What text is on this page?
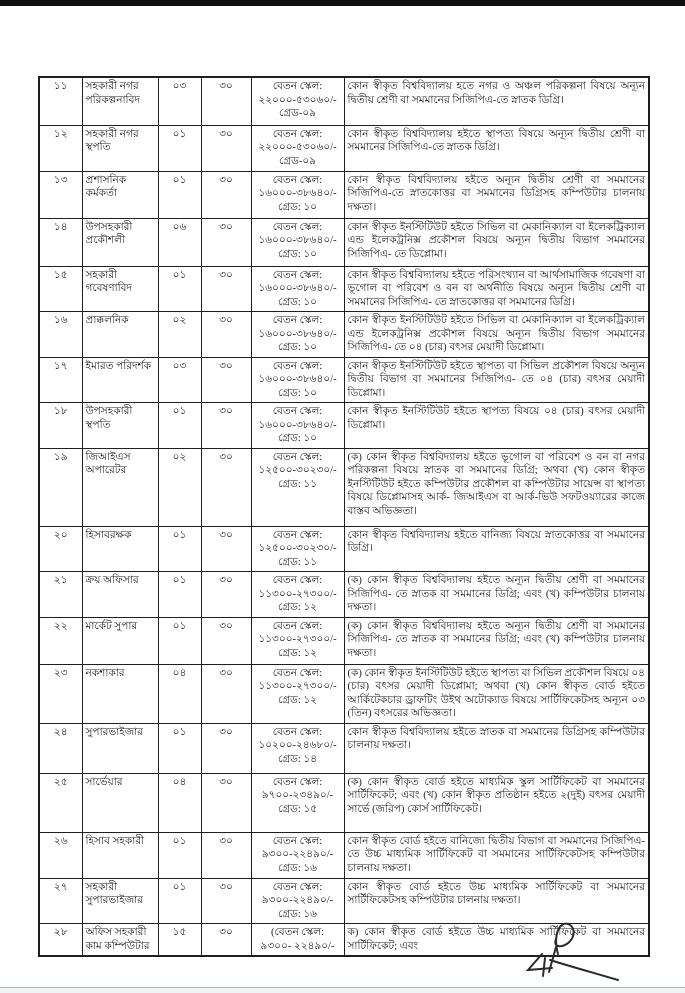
১১	সহকারী নগর পরিকল্পনাবিদ	০৩	৩০	বেতন স্কেল:
২২০০০-৫৩০৬০/-
গ্রেড-০৯	কোন স্বীকৃত বিশ্ববিদ্যালয় হতে নগর ও অঞ্চল পরিকল্পনা বিষয়ে অন্যূন দ্বিতীয় শ্রেণী বা সমমানের সিজিপিএ-তে স্নাতক ডিগ্রি।
১২	সহকারী নগর স্থপতি	০১	৩০	বেতন স্কেল:
২২০০০-৫৩০৬০/-
গ্রেড-০৯	কোন স্বীকৃত বিশ্ববিদ্যালয় হইতে স্থাপত্য বিষয়ে অন্যূন দ্বিতীয় শ্রেণী বা সমমানের সিজিপিএ-তে স্নাতক ডিগ্রি।
১৩	প্রশাসনিক কর্মকর্তা	০১	৩০	বেতন স্কেল:
১৬০০০-৩৮৬৪০/-
গ্রেড: ১০	কোন স্বীকৃত বিশ্ববিদ্যালয় হইতে অন্যূন দ্বিতীয় শ্রেণী বা সমমানের সিজিপিএ-তে স্নাতকোত্তর বা সমমানের ডিগ্রিসহ কম্পিউটার চালনায় দক্ষতা।
১৪	উপসহকারী প্রকৌশলী	০৬	৩০	বেতন স্কেল:
১৬০০০-৩৮৬৪০/-
গ্রেড: ১০	কোন স্বীকৃত ইনস্টিটিউট হইতে সিভিল বা মেকানিক্যাল বা ইলেকট্রিক্যাল এন্ড ইলেকট্রনিক্স প্রকৌশল বিষয়ে অন্যূন দ্বিতীয় বিভাগ সমমানের সিজিপিএ- তে ডিপ্লোমা।
১৫	সহকারী গবেষণাবিদ	০১	৩০	বেতন স্কেল:
১৬০০০-৩৮৬৪০/-
গ্রেড: ১০	কোন স্বীকৃত বিশ্ববিদ্যালয় হইতে পরিসংখ্যান বা আর্থসামাজিক গবেষণা বা ভূগোল বা পরিবেশ ও বন বা অর্থনীতি বিষয়ে অন্যূন দ্বিতীয় শ্রেণী বা সমমানের সিজিপিএ- তে স্নাতকোত্তর বা সমমানের ডিগ্রি।
১৬	প্রাক্কলনিক	০২	৩০	বেতন স্কেল:
১৬০০০-৩৮৬৪০/-
গ্রেড: ১০	কোন স্বীকৃত ইনস্টিটিউট হইতে সিভিল বা মেকানিক্যাল বা ইলেকট্রিক্যাল এন্ড ইলেকট্রনিক্স প্রকৌশল বিষয়ে অন্যূন দ্বিতীয় বিভাগ সমমানের সিজিপিএ- তে ০৪ (চার) বৎসর মেয়াদী ডিপ্লোমা।
১৭	ইমারত পরিদর্শক	০৩	৩০	বেতন স্কেল:
১৬০০০-৩৮৬৪০/-
গ্রেড: ১০	কোন স্বীকৃত ইনস্টিটিউট হইতে স্থাপত্য বা সিভিল প্রকৌশল বিষয়ে অন্যূন দ্বিতীয় বিভাগ বা সমমানের সিজিপিএ- তে ০৪ (চার) বৎসর মেয়াদী ডিপ্লোমা।
১৮	উপসহকারী স্থপতি	০১	৩০	বেতন স্কেল:
১৬০০০-৩৮৬৪০/-
গ্রেড: ১০	কোন স্বীকৃত ইনস্টিটিউট হইতে স্থাপত্য বিষয়ে ০৪ (চার) বৎসর মেয়াদী ডিপ্লোমা।
১৯	জিআইএস অপারেটর	০২	৩০	বেতন স্কেল:
১২৫০০-৩০২৩০/-
গ্রেড: ১১
	(ক) কোন স্বীকৃত বিশ্ববিদ্যালয় হইতে ভূগোল বা পরিবেশ ও বন বা নগর পরিকল্পনা বিষয়ে স্নাতক বা সমমানের ডিগ্রি; অথবা (খ) কোন স্বীকৃত ইনস্টিটিউট হইতে কম্পিউটার প্রকৌশল বা কম্পিউটার সায়েন্স বা স্থাপত্য বিষয়ে ডিপ্লোমাসহ আর্ক- জিআইএস বা আর্ক-ভিউ সফটওয়্যারের কাজে বাস্তব অভিজ্ঞতা।
২০	হিসাবরক্ষক	০১	৩০	বেতন স্কেল:
১২৫০০-৩০২৩০/-
গ্রেড: ১১	কোন স্বীকৃত বিশ্ববিদ্যালয় হইতে বানিজ্য বিষয়ে স্নাতকোত্তর বা সমমানের ডিগ্রি।
২১	ক্রয় অফিসার	০১	৩০	বেতন স্কেল:
১১৩০০-২৭৩০০/-
গ্রেড: ১২	(ক) কোন স্বীকৃত বিশ্ববিদ্যালয় হইতে অন্যূন দ্বিতীয় শ্রেণী বা সমমানের সিজিপিএ- তে স্নাতক বা সমমানের ডিগ্রি; এবং (খ) কম্পিউটার চালনায় দক্ষতা।
২২	মার্কেট সুপার	০১	৩০	বেতন স্কেল:
১১৩০০-২৭৩০০/-
গ্রেড: ১২	(ক) কোন স্বীকৃত বিশ্ববিদ্যালয় হইতে অন্যূন দ্বিতীয় শ্রেণী বা সমমানের সিজিপিএ- তে স্নাতক বা সমমানের ডিগ্রি; এবং (খ) কম্পিউটার চালনায় দক্ষতা।
২৩	নকশাকার	০৪	৩০	বেতন স্কেল:
১১৩০০-২৭৩০০/-
গ্রেড: ১২
	(ক) কোন স্বীকৃত ইনস্টিটিউট হইতে স্থাপত্য বা সিভিল প্রকৌশল বিষয়ে ০৪ (চার) বৎসর মেয়াদী ডিপ্লোমা; অথবা (খ) কোন স্বীকৃত বোর্ড হইতে আর্কিটেকচার ড্রাফটিং উইথ অটোক্যাড বিষয়ে সার্টিফিকেটসহ অন্যূন ০৩ (তিন) বৎসরের অভিজ্ঞতা।
২৪	সুপারভাইজার	০১	৩০	বেতন স্কেল:
১০২০০-২৪৬৮০/-
গ্রেড: ১৪	কোন স্বীকৃত বিশ্ববিদ্যালয় হইতে স্নাতক বা সমমানের ডিগ্রিসহ কম্পিউটার চালনায় দক্ষতা।
২৫	সার্ভেয়ার	০৪	৩০	বেতন স্কেল:
৯৭০০-২৩৪৯০/-
গ্রেড: ১৫	(ক) কোন স্বীকৃত বোর্ড হইতে মাধ্যমিক স্কুল সার্টিফিকেট বা সমমানের সার্টিফিকেট; এবং (খ) কোন স্বীকৃত প্রতিষ্ঠান হইতে ২(দুই) বৎসর মেয়াদী সার্ভে (জরিপ) কোর্স সার্টিফিকেট।
২৬	হিসাব সহকারী	০১	৩০	বেতন স্কেল:
৯৩০০-২২৪৯০/-
গ্রেড: ১৬	কোন স্বীকৃত বোর্ড হইতে বানিজ্যে দ্বিতীয় বিভাগ বা সমমানের সিজিপিএ-তে উচ্চ মাধ্যমিক সার্টিফিকেট বা সমমানের সার্টিফিকেটসহ কম্পিউটার চালনায় দক্ষতা।
২৭	সহকারী সুপারভাইজার	০১	৩০	বেতন স্কেল:
৯৩০০-২২৪৯০/-
গ্রেড: ১৬	কোন স্বীকৃত বোর্ড হইতে উচ্চ মাধ্যমিক সার্টিফিকেট বা সমমানের সার্টিফিকেটসহ কম্পিউটার চালনায় দক্ষতা।
২৮	অফিস সহকারী কাম কম্পিউটার	১৫	৩০	(বেতন স্কেল:
৯৩০০- ২২৪৯০/-	ক) কোন স্বীকৃত বোর্ড হইতে উচ্চ মাধ্যমিক সার্টিফিকেট বা সমমানের সার্টিফিকেট; এবং
